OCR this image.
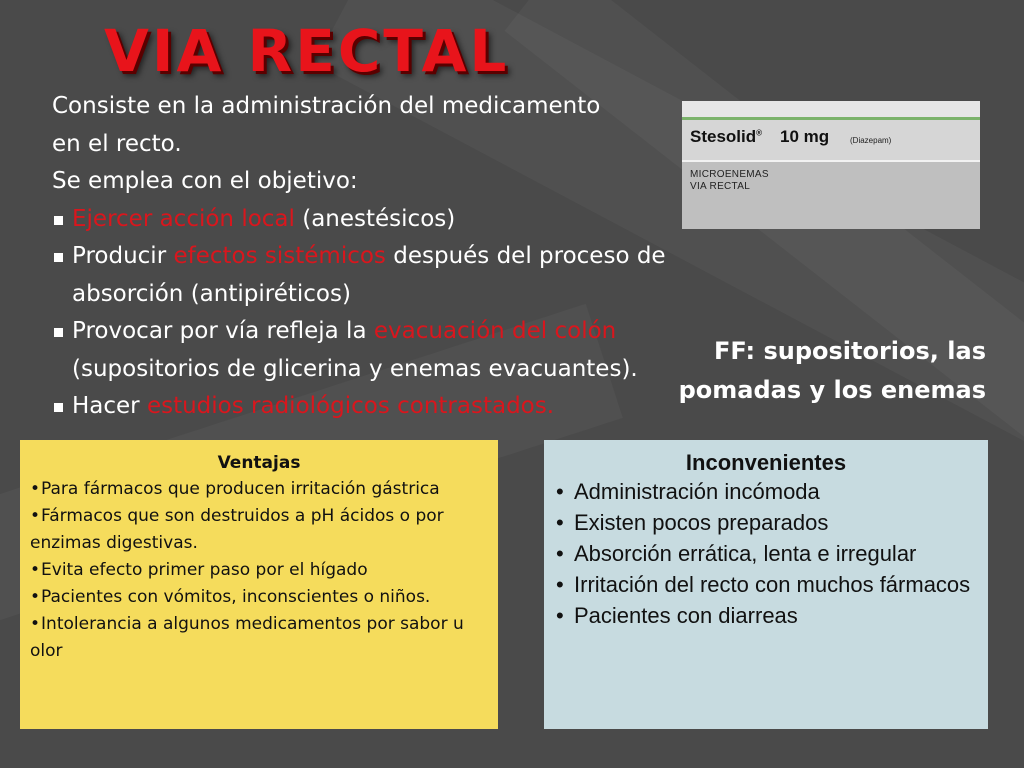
VIA RECTAL

Consiste en la administración del medicamento

en el recto.

Se emplea con el objetivo:

Ejercer acción local (anestésicos)
Producir efectos sistémicos después del proceso de absorción (antipiréticos)
Provocar por vía refleja la evacuación del colón (supositorios de glicerina y enemas evacuantes).
Hacer estudios radiológicos contrastados.
Stesolid® 10 mg	(Diazepam)
MICROENEMAS
VIA RECTAL
FF: supositorios, las
pomadas y los enemas
Ventajas
•Para fármacos que producen irritación gástrica
•Fármacos que son destruidos a pH ácidos o por enzimas digestivas.
•Evita efecto primer paso por el hígado
•Pacientes con vómitos, inconscientes o niños.
•Intolerancia a algunos medicamentos por sabor u olor
Inconvenientes
• Administración incómoda
• Existen pocos preparados
• Absorción errática, lenta e irregular
• Irritación del recto con muchos fármacos
• Pacientes con diarreas
